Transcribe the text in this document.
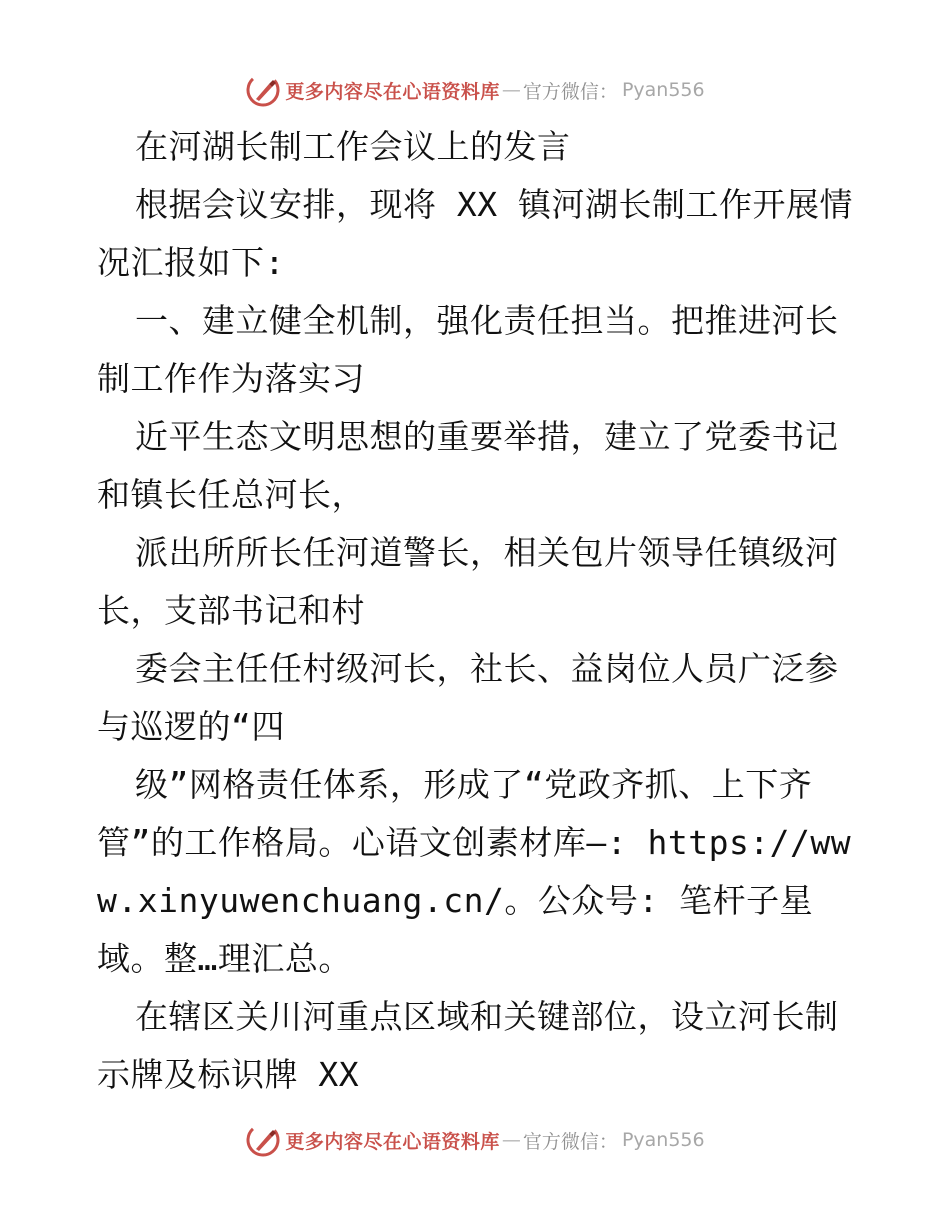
更多内容尽在心语资料库 — 官方微信： Pyan556

在河湖长制工作会议上的发言

根据会议安排，现将 XX 镇河湖长制工作开展情况汇报如下:

一、建立健全机制，强化责任担当。把推进河长制工作作为落实习

近平生态文明思想的重要举措，建立了党委书记和镇长任总河长，

派出所所长任河道警长，相关包片领导任镇级河长，支部书记和村

委会主任任村级河长，社长、益岗位人员广泛参与巡逻的“四

级”网格责任体系，形成了“党政齐抓、上下齐管”的工作格局。心语文创素材库—: https://www.xinyuwenchuang.cn/。公众号: 笔杆子星域。整…理汇总。

在辖区关川河重点区域和关键部位，设立河长制示牌及标识牌 XX

更多内容尽在心语资料库 — 官方微信： Pyan556
